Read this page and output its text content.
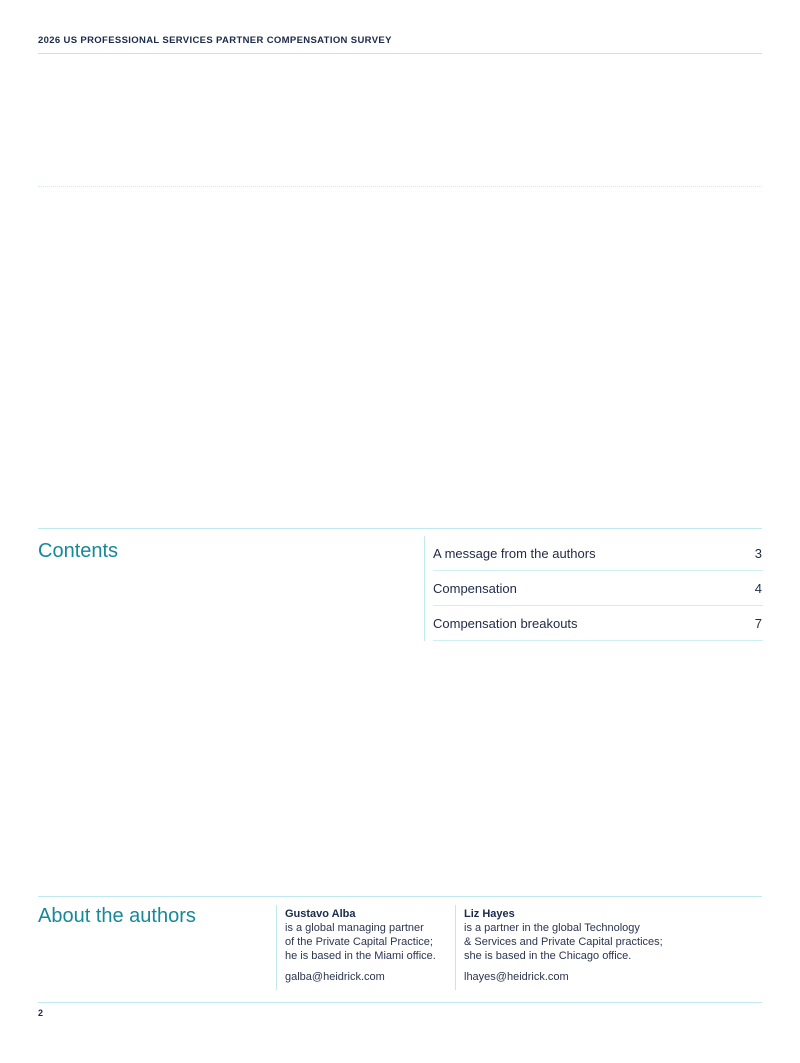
2026 US PROFESSIONAL SERVICES PARTNER COMPENSATION SURVEY
Contents	A message from the authors	3
Compensation	4
Compensation breakouts	7
About the authors	Gustavo Alba
is a global managing partner
of the Private Capital Practice;
he is based in the Miami office.
galba@heidrick.com
Liz Hayes
is a partner in the global Technology
& Services and Private Capital practices;
she is based in the Chicago office.
lhayes@heidrick.com
2
